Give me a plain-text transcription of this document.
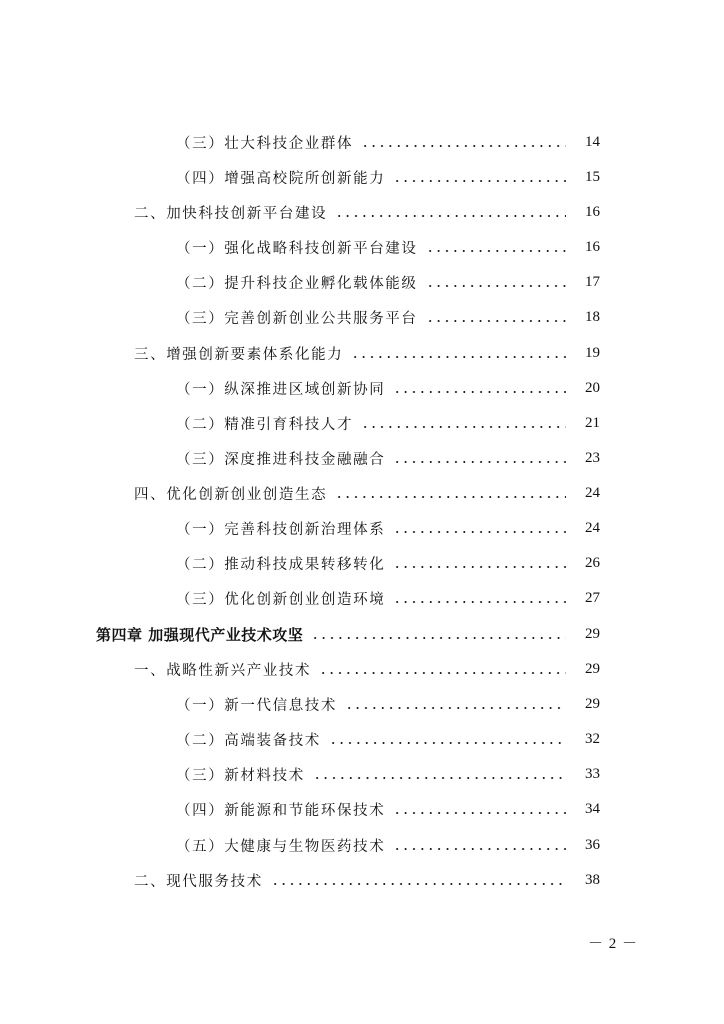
（三）壮大科技企业群体	14
（四）增强高校院所创新能力	15
二、加快科技创新平台建设	16
（一）强化战略科技创新平台建设	16
（二）提升科技企业孵化载体能级	17
（三）完善创新创业公共服务平台	18
三、增强创新要素体系化能力	19
（一）纵深推进区域创新协同	20
（二）精准引育科技人才	21
（三）深度推进科技金融融合	23
四、优化创新创业创造生态	24
（一）完善科技创新治理体系	24
（二）推动科技成果转移转化	26
（三）优化创新创业创造环境	27
第四章 加强现代产业技术攻坚	29
一、战略性新兴产业技术	29
（一）新一代信息技术	29
（二）高端装备技术	32
（三）新材料技术	33
（四）新能源和节能环保技术	34
（五）大健康与生物医药技术	36
二、现代服务技术	38
－ 2 －
